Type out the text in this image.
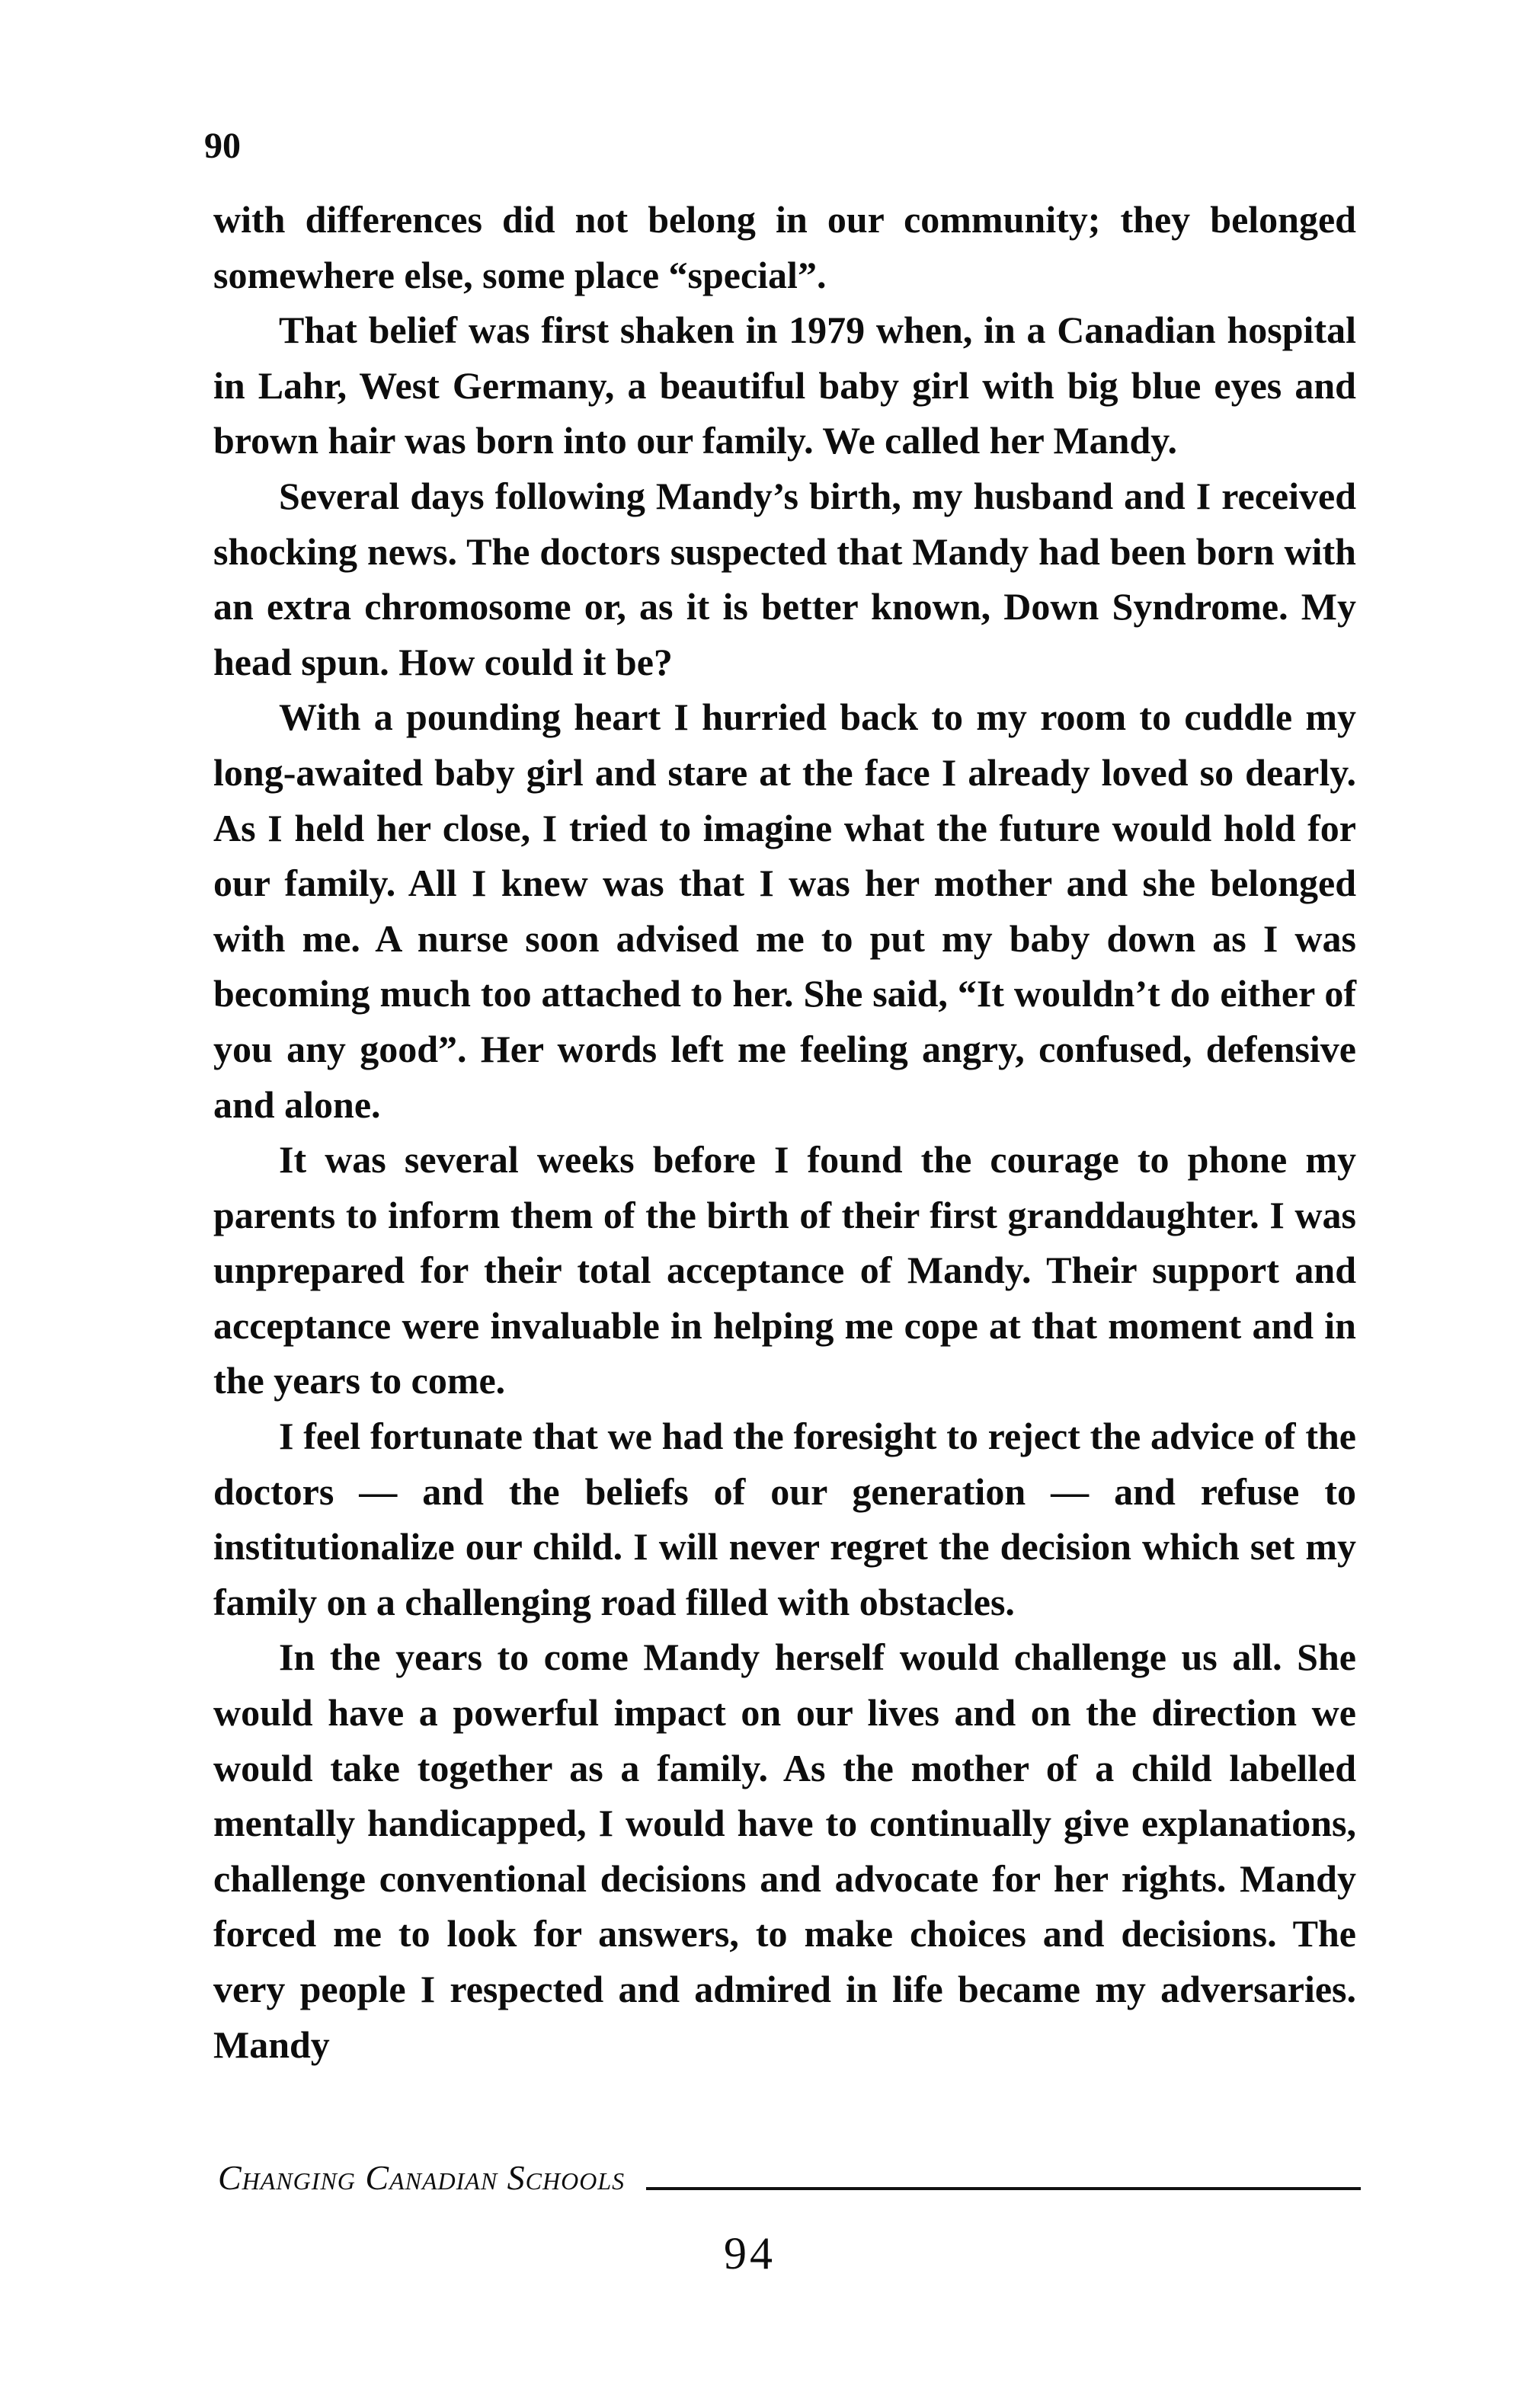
90

with differences did not belong in our community; they belonged somewhere else, some place “special”.

That belief was first shaken in 1979 when, in a Canadian hospital in Lahr, West Germany, a beautiful baby girl with big blue eyes and brown hair was born into our family. We called her Mandy.

Several days following Mandy’s birth, my husband and I received shocking news. The doctors suspected that Mandy had been born with an extra chromosome or, as it is better known, Down Syndrome. My head spun. How could it be?

With a pounding heart I hurried back to my room to cuddle my long-awaited baby girl and stare at the face I already loved so dearly. As I held her close, I tried to imagine what the future would hold for our family. All I knew was that I was her mother and she belonged with me. A nurse soon advised me to put my baby down as I was becoming much too attached to her. She said, “It wouldn’t do either of you any good”. Her words left me feeling angry, confused, defensive and alone.

It was several weeks before I found the courage to phone my parents to inform them of the birth of their first granddaughter. I was unprepared for their total acceptance of Mandy. Their support and acceptance were invaluable in helping me cope at that moment and in the years to come.

I feel fortunate that we had the foresight to reject the advice of the doctors — and the beliefs of our generation — and refuse to institutionalize our child. I will never regret the decision which set my family on a challenging road filled with obstacles.

In the years to come Mandy herself would challenge us all. She would have a powerful impact on our lives and on the direction we would take together as a family. As the mother of a child labelled mentally handicapped, I would have to continually give explanations, challenge conventional decisions and advocate for her rights. Mandy forced me to look for answers, to make choices and decisions. The very people I respected and admired in life became my adversaries. Mandy

Changing Canadian Schools
94
